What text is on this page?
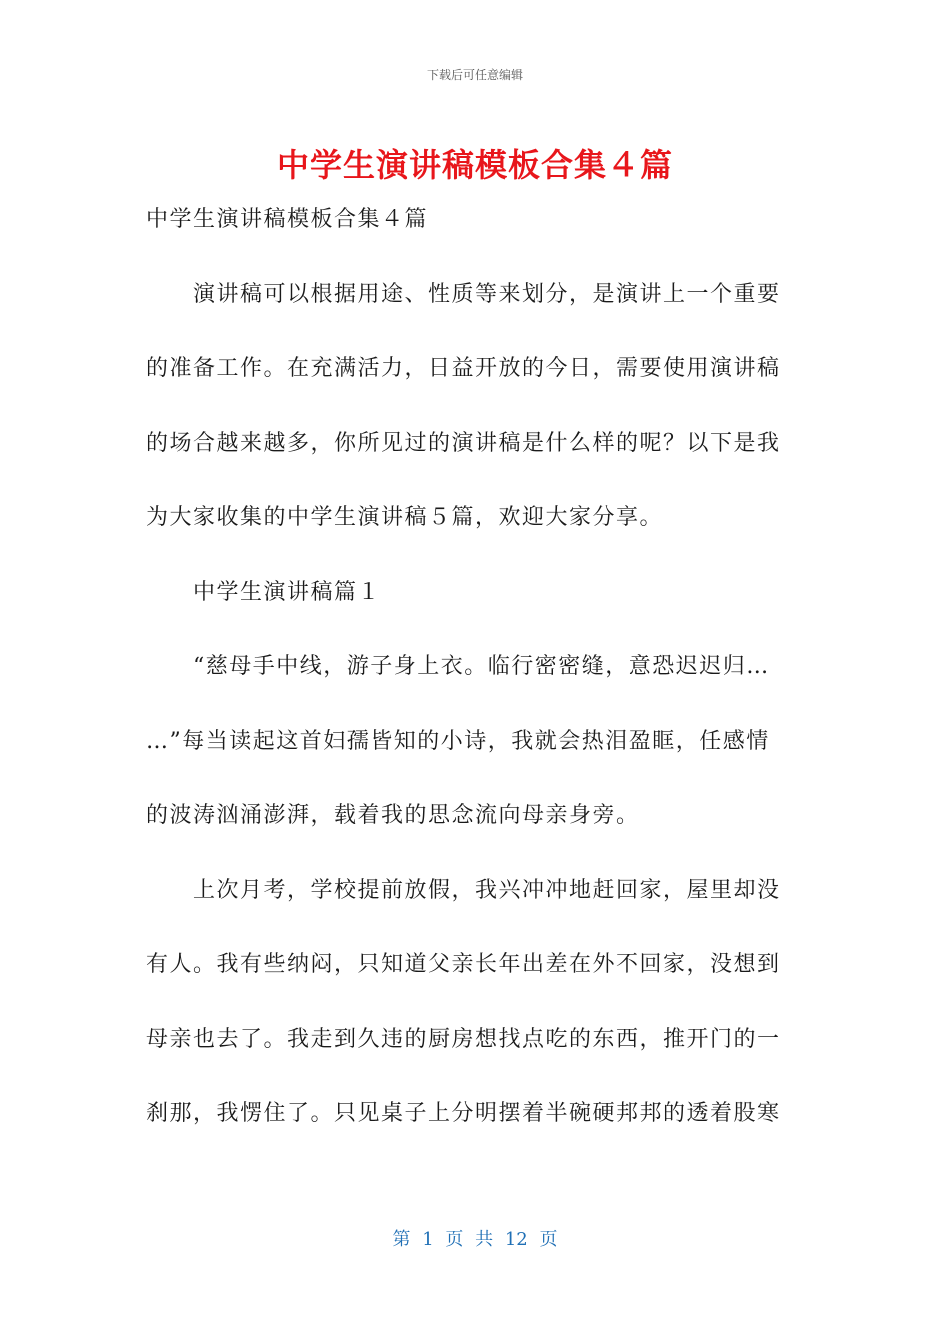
下载后可任意编辑
中学生演讲稿模板合集４篇
中学生演讲稿模板合集４篇
演讲稿可以根据用途、性质等来划分，是演讲上一个重要
的准备工作。在充满活力，日益开放的今日，需要使用演讲稿
的场合越来越多，你所见过的演讲稿是什么样的呢？以下是我
为大家收集的中学生演讲稿５篇，欢迎大家分享。
中学生演讲稿篇１
“慈母手中线，游子身上衣。临行密密缝，意恐迟迟归…
…”每当读起这首妇孺皆知的小诗，我就会热泪盈眶，任感情
的波涛汹涌澎湃，载着我的思念流向母亲身旁。
上次月考，学校提前放假，我兴冲冲地赶回家，屋里却没
有人。我有些纳闷，只知道父亲长年出差在外不回家，没想到
母亲也去了。我走到久违的厨房想找点吃的东西，推开门的一
刹那，我愣住了。只见桌子上分明摆着半碗硬邦邦的透着股寒
第 1 页 共 12 页
